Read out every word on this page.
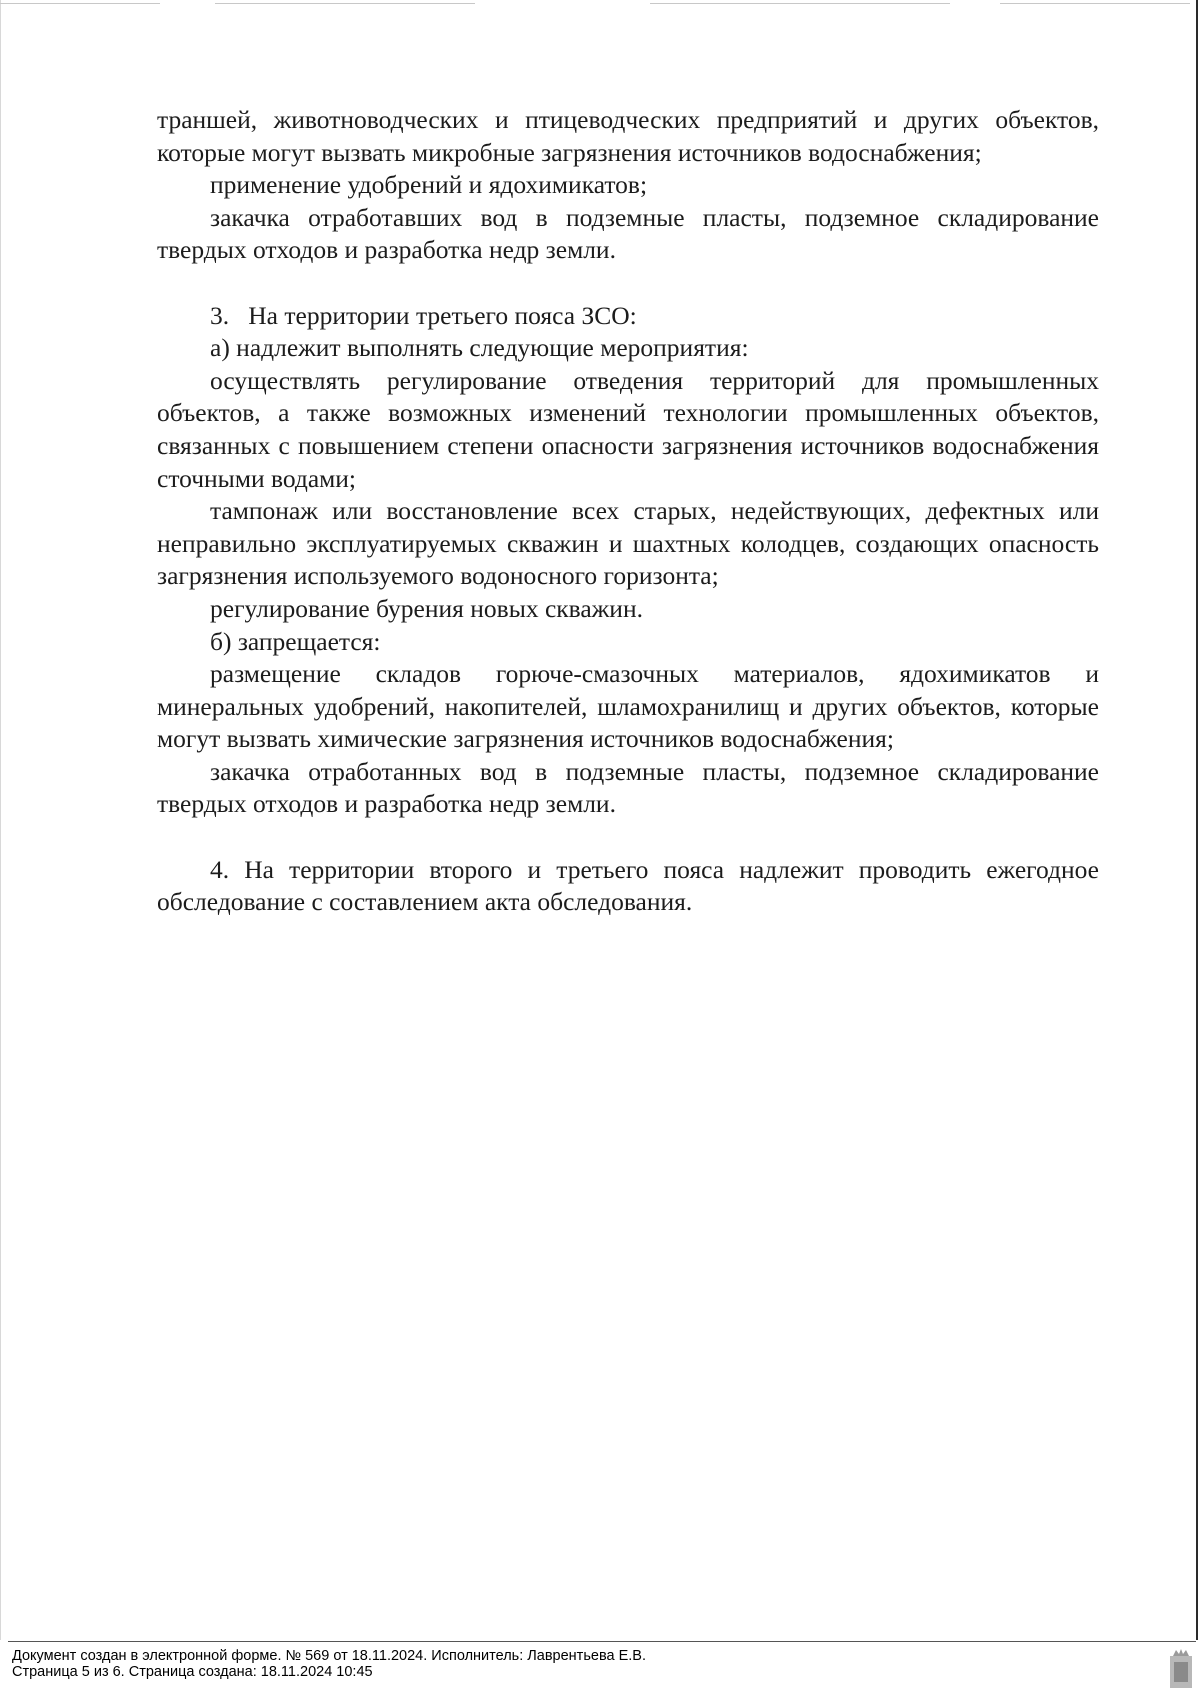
траншей, животноводческих и птицеводческих предприятий и других объектов, которые могут вызвать микробные загрязнения источников водоснабжения;

применение удобрений и ядохимикатов;

закачка отработавших вод в подземные пласты, подземное складирование твердых отходов и разработка недр земли.

3.   На территории третьего пояса ЗСО:

а) надлежит выполнять следующие мероприятия:

осуществлять регулирование отведения территорий для промышленных объектов, а также возможных изменений технологии промышленных объектов, связанных с повышением степени опасности загрязнения источников водоснабжения сточными водами;

тампонаж или восстановление всех старых, недействующих, дефектных или неправильно эксплуатируемых скважин и шахтных колодцев, создающих опасность загрязнения используемого водоносного горизонта;

регулирование бурения новых скважин.

б) запрещается:

размещение складов горюче-смазочных материалов, ядохимикатов и минеральных удобрений, накопителей, шламохранилищ и других объектов, которые могут вызвать химические загрязнения источников водоснабжения;

закачка отработанных вод в подземные пласты, подземное складирование твердых отходов и разработка недр земли.

4. На территории второго и третьего пояса надлежит проводить ежегодное обследование с составлением акта обследования.

Документ создан в электронной форме. № 569 от 18.11.2024. Исполнитель: Лаврентьева Е.В.
Страница 5 из 6. Страница создана: 18.11.2024 10:45
